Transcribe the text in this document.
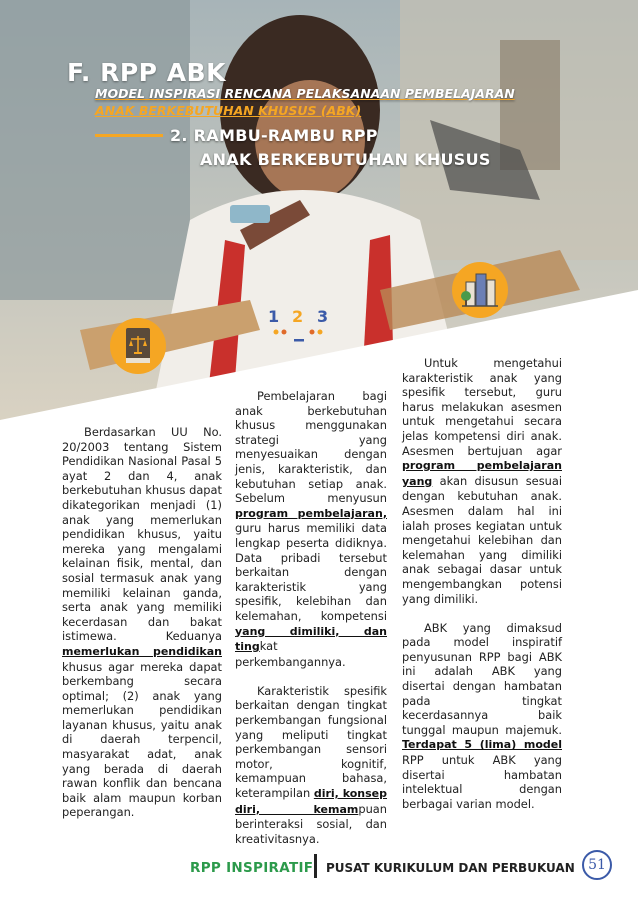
F. RPP ABK
MODEL INSPIRASI RENCANA PELAKSANAAN PEMBELAJARAN
ANAK BERKEBUTUHAN KHUSUS (ABK)
2. RAMBU-RAMBU RPP
ANAK BERKEBUTUHAN KHUSUS
1 2 3

Berdasarkan UU No. 20/2003 tentang Sistem Pendidikan Nasional Pasal 5 ayat 2 dan 4, anak berkebutuhan khusus dapat dikategorikan menjadi (1) anak yang memerlukan pendidikan khusus, yaitu mereka yang mengalami kelainan fisik, mental, dan sosial termasuk anak yang memiliki kelainan ganda, serta anak yang memiliki kecerdasan dan bakat istimewa. Keduanya memerlukan pendidikan khusus agar mereka dapat berkembang secara optimal; (2) anak yang memerlukan pendidikan layanan khusus, yaitu anak di daerah terpencil, masyarakat adat, anak yang berada di daerah rawan konflik dan bencana baik alam maupun korban peperangan.

Pembelajaran bagi anak berkebutuhan khusus menggunakan strategi yang menyesuaikan dengan jenis, karakteristik, dan kebutuhan setiap anak. Sebelum menyusun program pembelajaran, guru harus memiliki data lengkap peserta didiknya. Data pribadi tersebut berkaitan dengan karakteristik yang spesifik, kelebihan dan kelemahan, kompetensi yang dimiliki, dan tingkat perkembangannya.

Karakteristik spesifik berkaitan dengan tingkat perkembangan fungsional yang meliputi tingkat perkembangan sensori motor, kognitif, kemampuan bahasa, keterampilan diri, konsep diri, kemampuan berinteraksi sosial, dan kreativitasnya.

Untuk mengetahui karakteristik anak yang spesifik tersebut, guru harus melakukan asesmen untuk mengetahui secara jelas kompetensi diri anak. Asesmen bertujuan agar program pembelajaran yang akan disusun sesuai dengan kebutuhan anak. Asesmen dalam hal ini ialah proses kegiatan untuk mengetahui kelebihan dan kelemahan yang dimiliki anak sebagai dasar untuk mengembangkan potensi yang dimiliki.

ABK yang dimaksud pada model inspiratif penyusunan RPP bagi ABK ini adalah ABK yang disertai dengan hambatan pada tingkat kecerdasannya baik tunggal maupun majemuk. Terdapat 5 (lima) model RPP untuk ABK yang disertai hambatan intelektual dengan berbagai varian model.

RPP INSPIRATIF PUSAT KURIKULUM DAN PERBUKUAN 51
